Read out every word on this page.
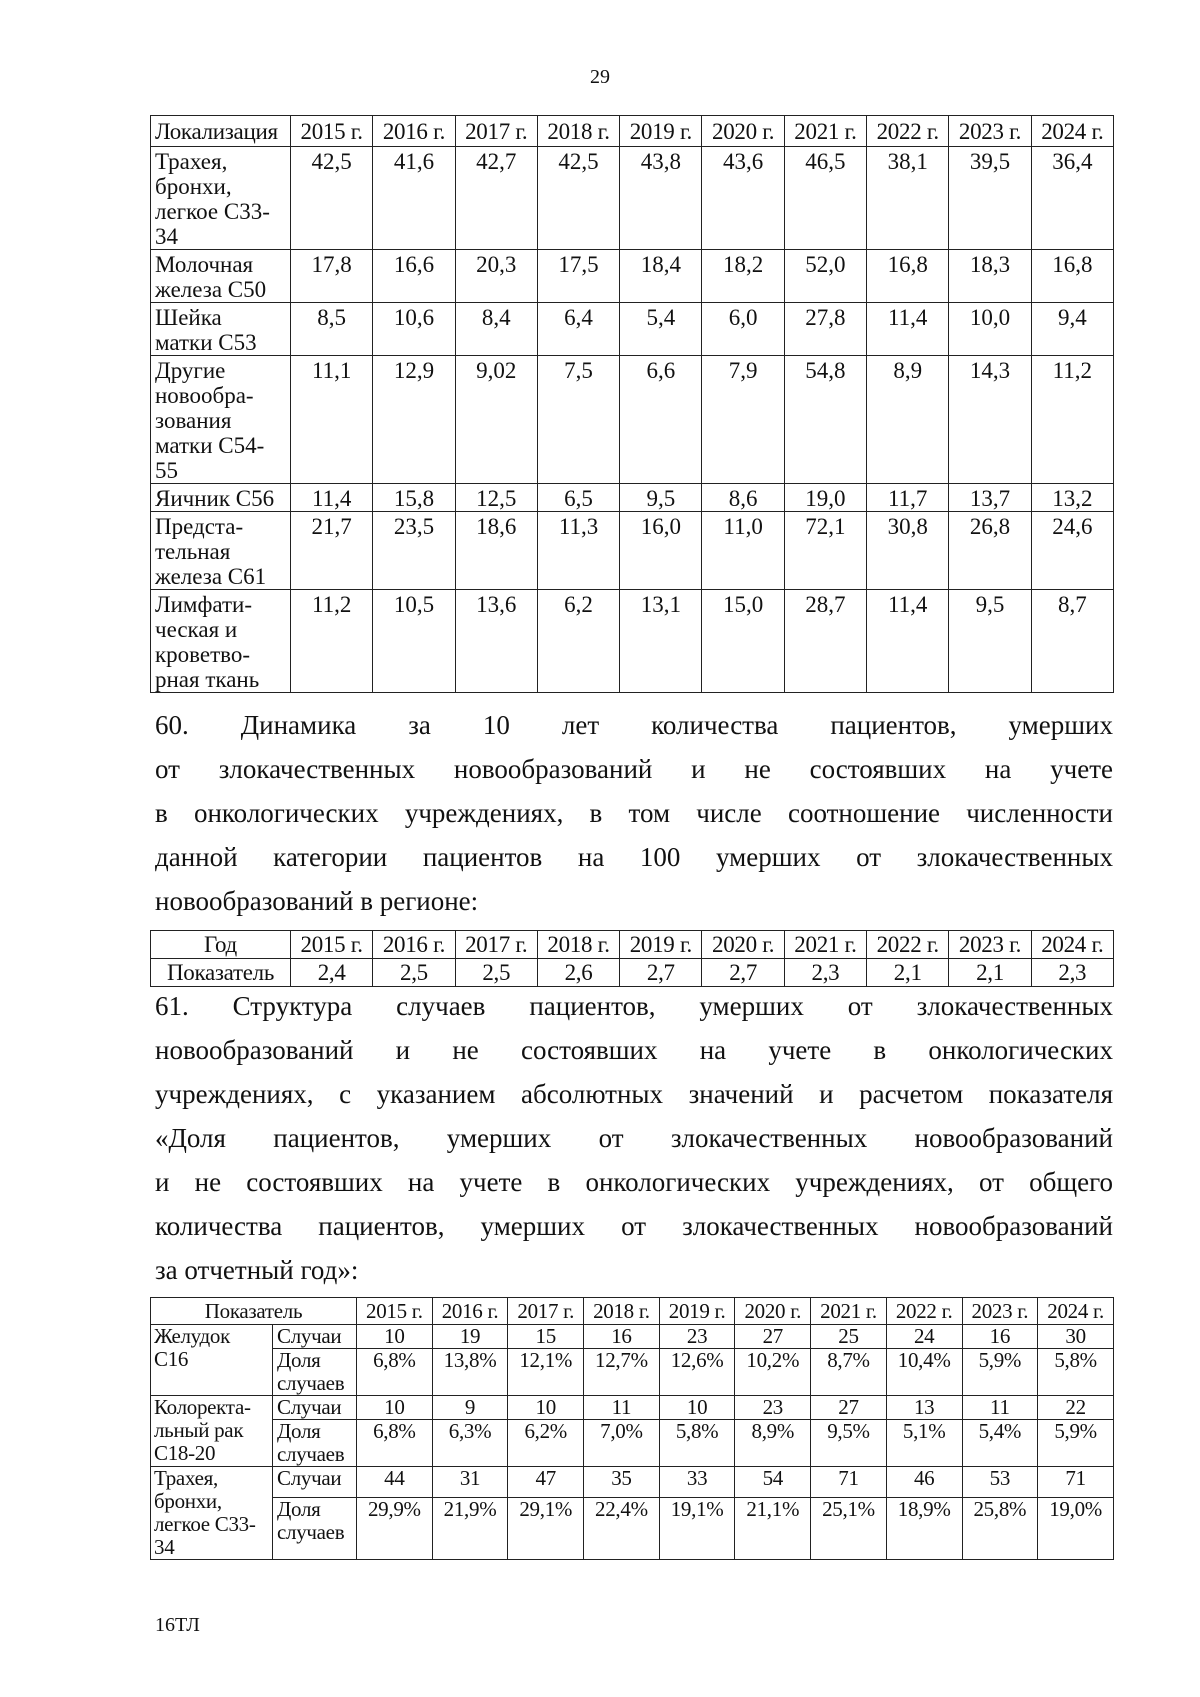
29
Локализация	2015 г.	2016 г.	2017 г.	2018 г.	2019 г.	2020 г.	2021 г.	2022 г.	2023 г.	2024 г.
Трахея,
бронхи,
легкое С33-
34	42,5	41,6	42,7	42,5	43,8	43,6	46,5	38,1	39,5	36,4
Молочная
железа С50	17,8	16,6	20,3	17,5	18,4	18,2	52,0	16,8	18,3	16,8
Шейка
матки С53	8,5	10,6	8,4	6,4	5,4	6,0	27,8	11,4	10,0	9,4
Другие
новообра-
зования
матки С54-
55	11,1	12,9	9,02	7,5	6,6	7,9	54,8	8,9	14,3	11,2
Яичник С56	11,4	15,8	12,5	6,5	9,5	8,6	19,0	11,7	13,7	13,2
Предста-
тельная
железа С61	21,7	23,5	18,6	11,3	16,0	11,0	72,1	30,8	26,8	24,6
Лимфати-
ческая и
кроветво-
рная ткань	11,2	10,5	13,6	6,2	13,1	15,0	28,7	11,4	9,5	8,7
60. Динамика за 10 лет количества пациентов, умерших
от злокачественных новообразований и не состоявших на учете
в онкологических учреждениях, в том числе соотношение численности
данной категории пациентов на 100 умерших от злокачественных
новообразований в регионе:
Год	2015 г.	2016 г.	2017 г.	2018 г.	2019 г.	2020 г.	2021 г.	2022 г.	2023 г.	2024 г.
Показатель	2,4	2,5	2,5	2,6	2,7	2,7	2,3	2,1	2,1	2,3
61. Структура случаев пациентов, умерших от злокачественных
новообразований и не состоявших на учете в онкологических
учреждениях, с указанием абсолютных значений и расчетом показателя
«Доля пациентов, умерших от злокачественных новообразований
и не состоявших на учете в онкологических учреждениях, от общего
количества пациентов, умерших от злокачественных новообразований
за отчетный год»:
Показатель		2015 г.	2016 г.	2017 г.	2018 г.	2019 г.	2020 г.	2021 г.	2022 г.	2023 г.	2024 г.
Желудок
С16	Случаи	10	19	15	16	23	27	25	24	16	30
	Доля
случаев	6,8%	13,8%	12,1%	12,7%	12,6%	10,2%	8,7%	10,4%	5,9%	5,8%
Колоректа-
льный рак
С18-20	Случаи	10	9	10	11	10	23	27	13	11	22
	Доля
случаев	6,8%	6,3%	6,2%	7,0%	5,8%	8,9%	9,5%	5,1%	5,4%	5,9%
Трахея,
бронхи,
легкое С33-
34	Случаи	44	31	47	35	33	54	71	46	53	71
	Доля
случаев	29,9%	21,9%	29,1%	22,4%	19,1%	21,1%	25,1%	18,9%	25,8%	19,0%
16ТЛ
